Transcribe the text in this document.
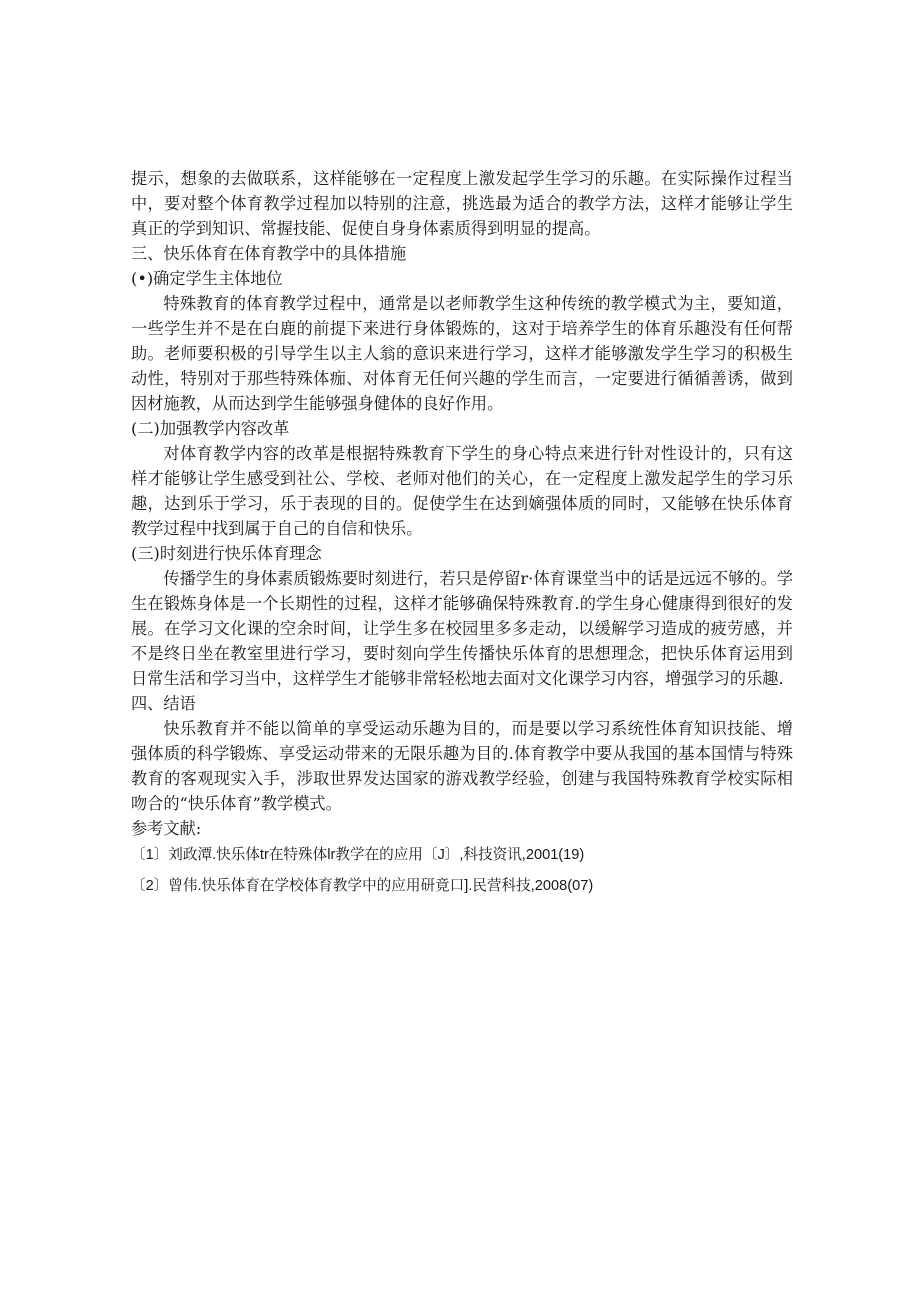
提示，想象的去做联系，这样能够在一定程度上激发起学生学习的乐趣。在实际操作过程当中，要对整个体育教学过程加以特别的注意，挑选最为适合的教学方法，这样才能够让学生真正的学到知识、常握技能、促使自身身体素质得到明显的提高。

三、快乐体育在体育教学中的具体措施

(•)确定学生主体地位

特殊教育的体育教学过程中，通常是以老师教学生这种传统的教学模式为主，要知道，一些学生并不是在白鹿的前提下来进行身体锻炼的，这对于培养学生的体育乐趣没有任何帮助。老师要积极的引导学生以主人翁的意识来进行学习，这样才能够激发学生学习的积极生动性，特别对于那些特殊体痂、对体育无任何兴趣的学生而言，一定要进行循循善诱，做到因材施教，从而达到学生能够强身健体的良好作用。

(二)加强教学内容改革

对体育教学内容的改革是根据特殊教育下学生的身心特点来进行针对性设计的，只有这样才能够让学生感受到社公、学校、老师对他们的关心，在一定程度上激发起学生的学习乐趣，达到乐于学习，乐于表现的目的。促使学生在达到嫡强体质的同时，又能够在快乐体育教学过程中找到属于自己的自信和快乐。

(三)时刻进行快乐体育理念

传播学生的身体素质锻炼要时刻进行，若只是停留r·体育课堂当中的话是远远不够的。学生在锻炼身体是一个长期性的过程，这样才能够确保特殊教育.的学生身心健康得到很好的发展。在学习文化课的空余时间，让学生多在校园里多多走动，以缓解学习造成的疲劳感，并不是终日坐在教室里进行学习，要时刻向学生传播快乐体育的思想理念，把快乐体育运用到日常生活和学习当中，这样学生才能够非常轻松地去面对文化课学习内容，增强学习的乐趣.

四、结语

快乐教育并不能以简单的享受运动乐趣为目的，而是要以学习系统性体育知识技能、增强体质的科学锻炼、享受运动带来的无限乐趣为目的.体育教学中要从我国的基本国情与特殊教育的客观现实入手，涉取世界发达国家的游戏教学经验，创建与我国特殊教育学校实际相吻合的“快乐体育”教学模式。

参考文献:

〔1〕刘政潭.快乐体tr在特殊体lr教学在的应用〔J〕,科技资讯,2001(19)

〔2〕曾伟.快乐体育在学校体育教学中的应用研竟口].民营科技,2008(07)
